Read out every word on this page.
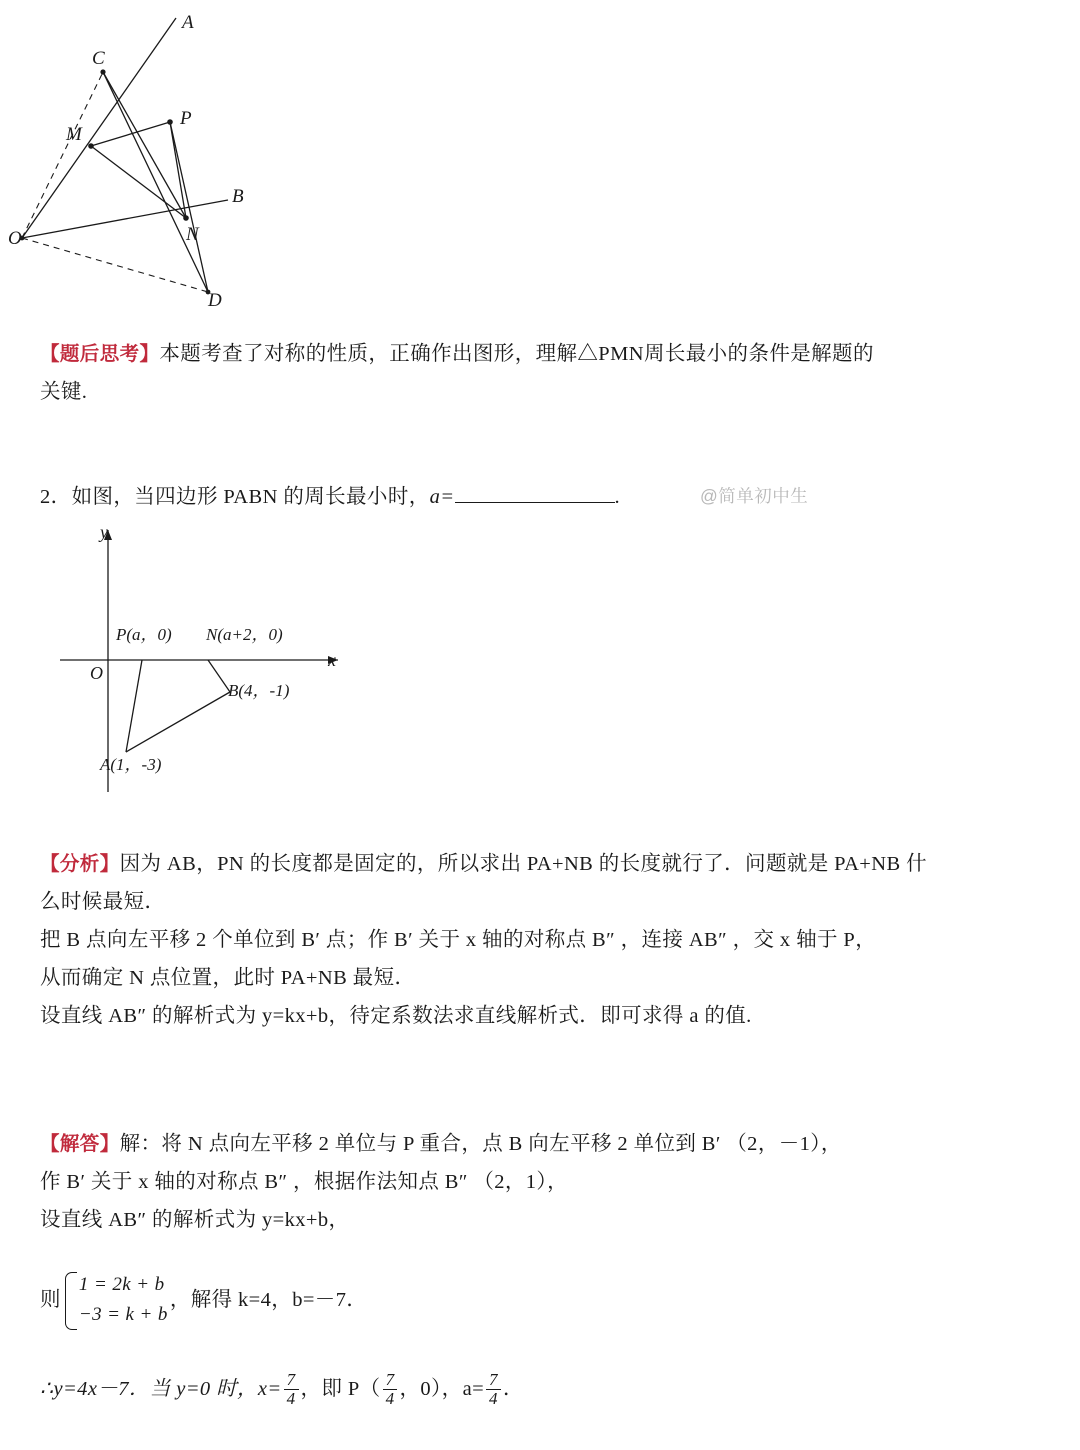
A
C
P
M
B
N
O
D
【题后思考】本题考查了对称的性质，正确作出图形，理解△PMN周长最小的条件是解题的
关键.
2．如图，当四边形 PABN 的周长最小时，a=	.	@简单初中生
y
x
O
P(a，0) N(a+2，0)
B(4，-1)
A(1，-3)
【分析】因为 AB，PN 的长度都是固定的，所以求出 PA+NB 的长度就行了．问题就是 PA+NB 什
么时候最短．
把 B 点向左平移 2 个单位到 B′ 点；作 B′ 关于 x 轴的对称点 B″ ，连接 AB″ ，交 x 轴于 P，
从而确定 N 点位置，此时 PA+NB 最短．
设直线 AB″ 的解析式为 y=kx+b，待定系数法求直线解析式．即可求得 a 的值.
【解答】解：将 N 点向左平移 2 单位与 P 重合，点 B 向左平移 2 单位到 B′ （2，－1），
作 B′ 关于 x 轴的对称点 B″ ，根据作法知点 B″ （2，1），
设直线 AB″ 的解析式为 y=kx+b，
则
1 = 2k + b
−3 = k + b
，解得 k=4，b=－7．
∴y=4x－7．当 y=0 时，$x= \frac{7}{4}$ ，即 $P( \frac{7}{4}$ ，0），$a= \frac{7}{4}$ ．
